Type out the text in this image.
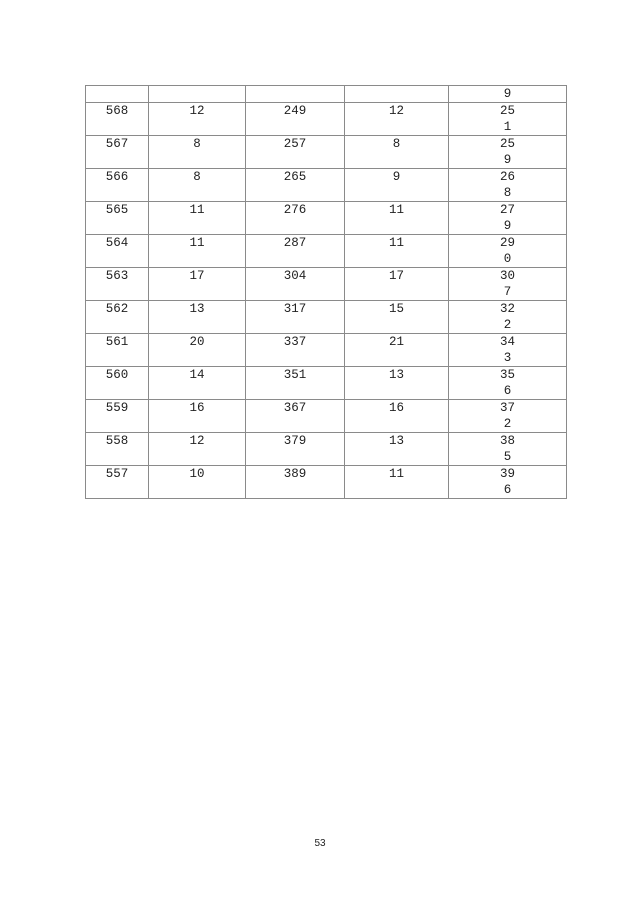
				9
568	12	249	12	25
1
567	8	257	8	25
9
566	8	265	9	26
8
565	11	276	11	27
9
564	11	287	11	29
0
563	17	304	17	30
7
562	13	317	15	32
2
561	20	337	21	34
3
560	14	351	13	35
6
559	16	367	16	37
2
558	12	379	13	38
5
557	10	389	11	39
6
53
